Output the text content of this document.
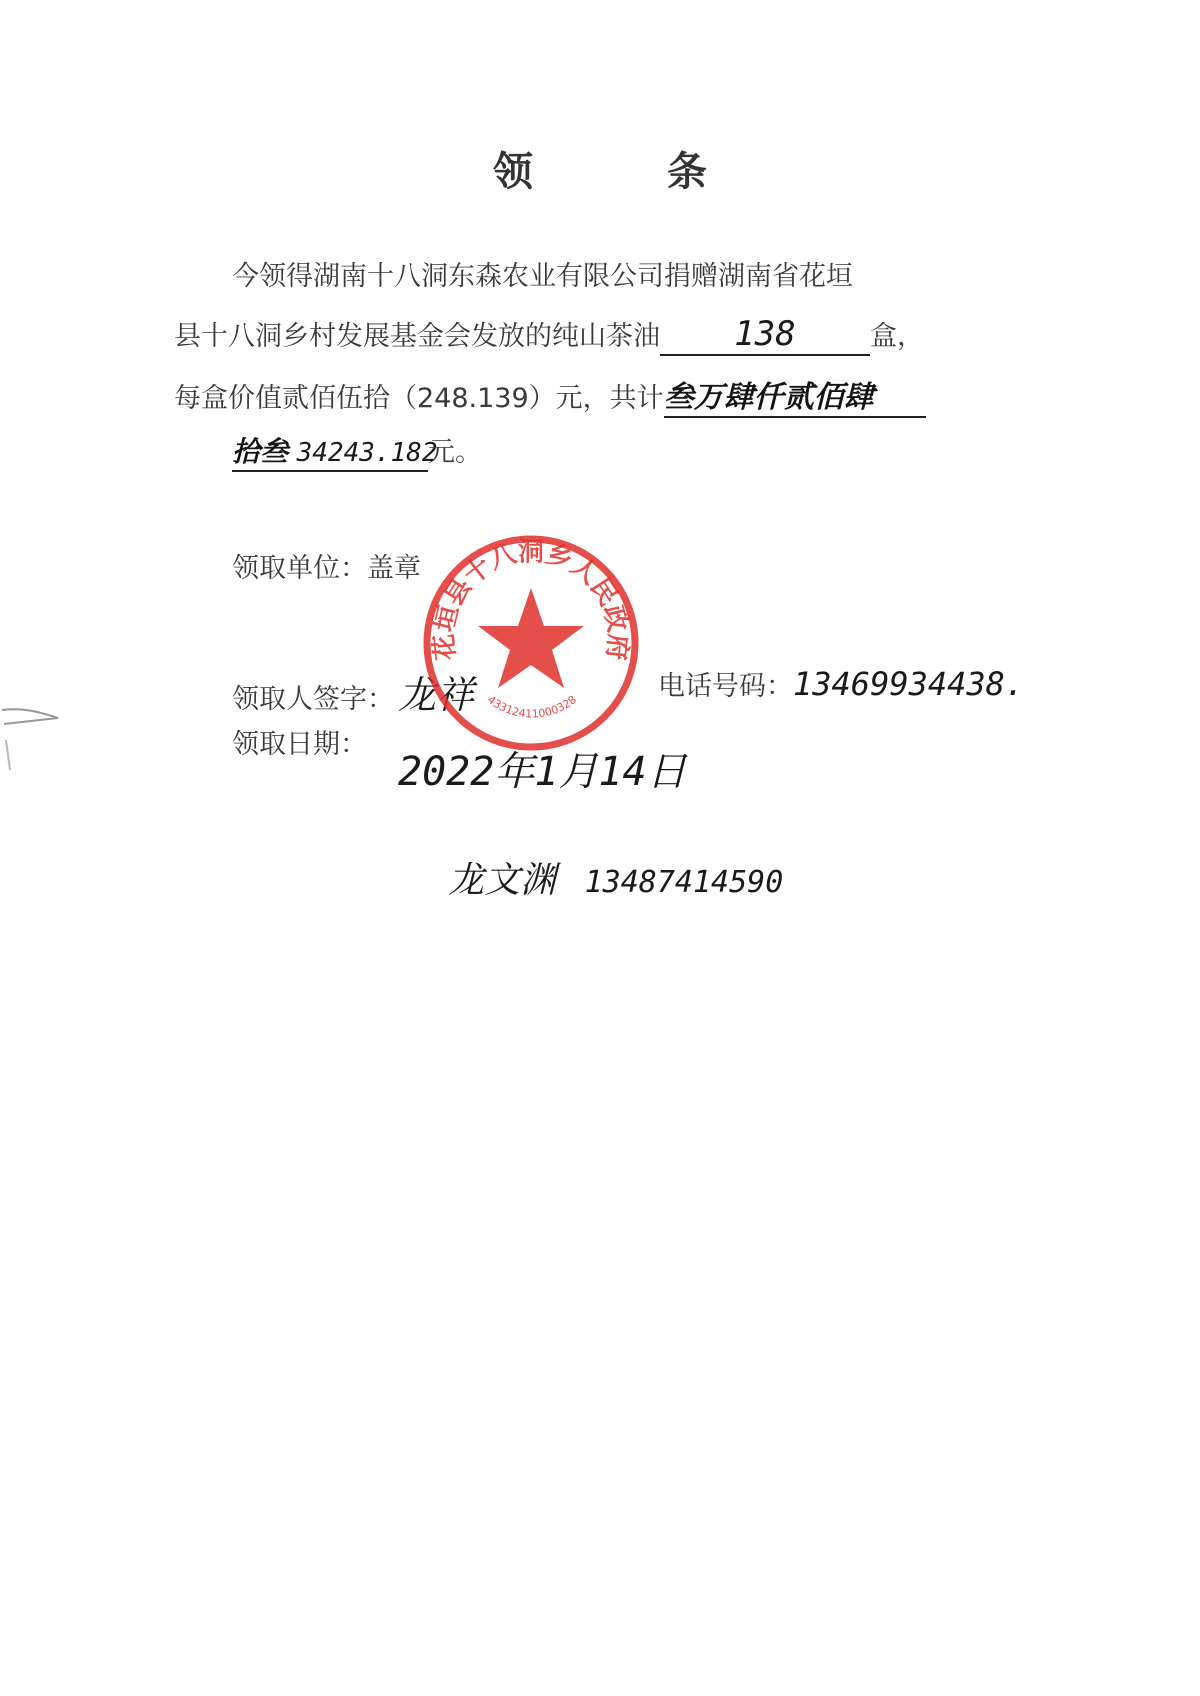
领 条
今领得湖南十八洞东森农业有限公司捐赠湖南省花垣
县十八洞乡村发展基金会发放的纯山茶油 138	盒，
每盒价值贰佰伍拾（248.139）元，共计叁万肆仟贰佰肆
拾叁 34243.182元。
领取单位：盖章
领取人签字： 龙祥	电话号码：13469934438.
领取日期：
2022年1月14日
龙文渊 13487414590
花垣县十八洞乡人民政府
43312411000328
